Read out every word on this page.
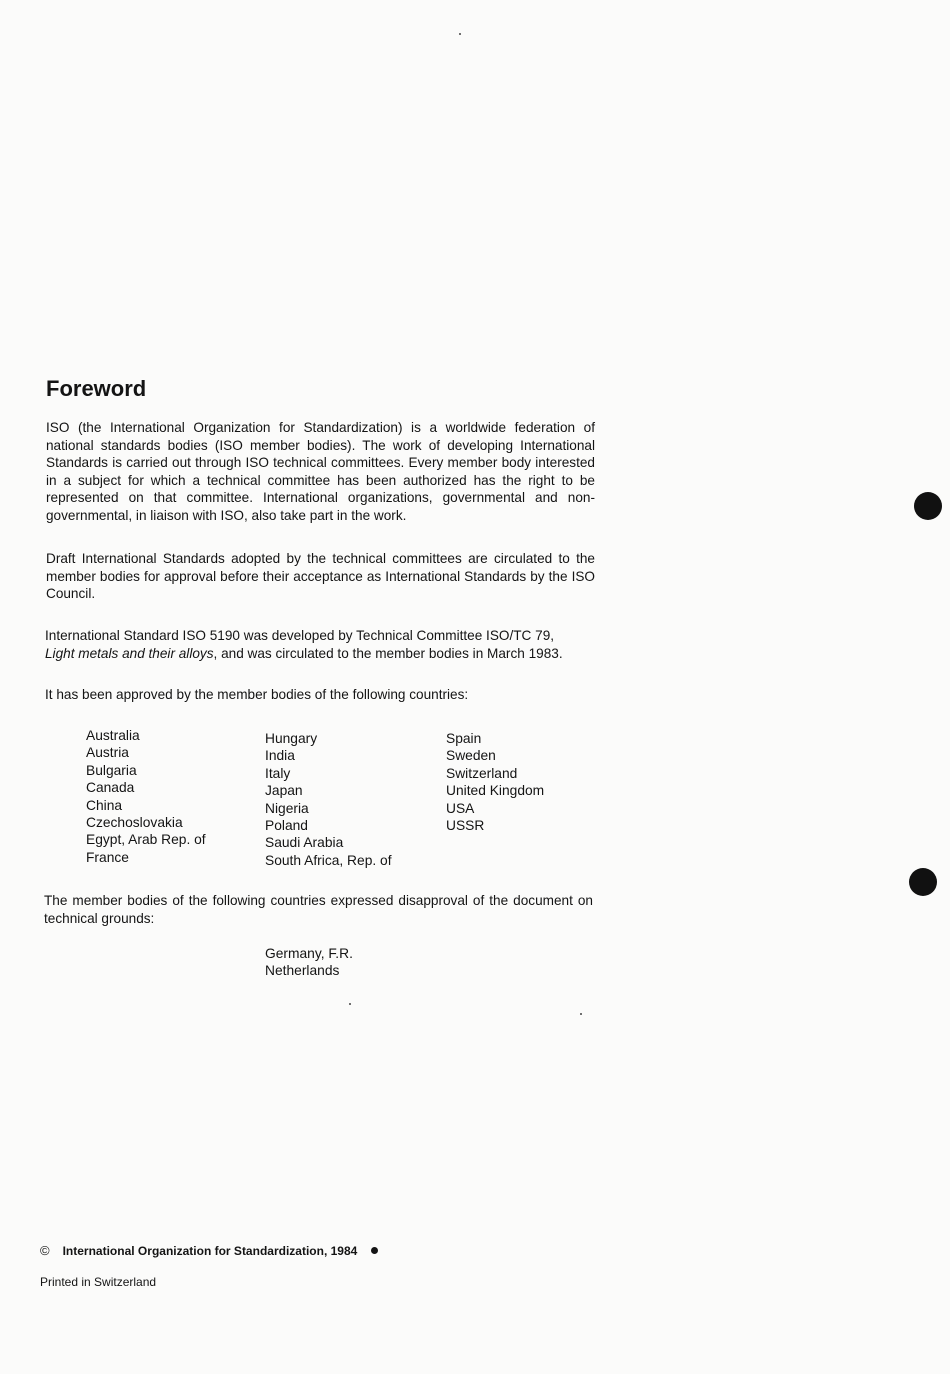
Foreword

ISO (the International Organization for Standardization) is a worldwide federation of national standards bodies (ISO member bodies). The work of developing International Standards is carried out through ISO technical committees. Every member body interested in a subject for which a technical committee has been authorized has the right to be represented on that committee. International organizations, governmental and non-governmental, in liaison with ISO, also take part in the work.

Draft International Standards adopted by the technical committees are circulated to the member bodies for approval before their acceptance as International Standards by the ISO Council.

International Standard ISO 5190 was developed by Technical Committee ISO/TC 79,
Light metals and their alloys, and was circulated to the member bodies in March 1983.

It has been approved by the member bodies of the following countries:

Australia
Austria
Bulgaria
Canada
China
Czechoslovakia
Egypt, Arab Rep. of
France
Hungary
India
Italy
Japan
Nigeria
Poland
Saudi Arabia
South Africa, Rep. of
Spain
Sweden
Switzerland
United Kingdom
USA
USSR

The member bodies of the following countries expressed disapproval of the document on technical grounds:

Germany, F.R.
Netherlands
© International Organization for Standardization, 1984
Printed in Switzerland
